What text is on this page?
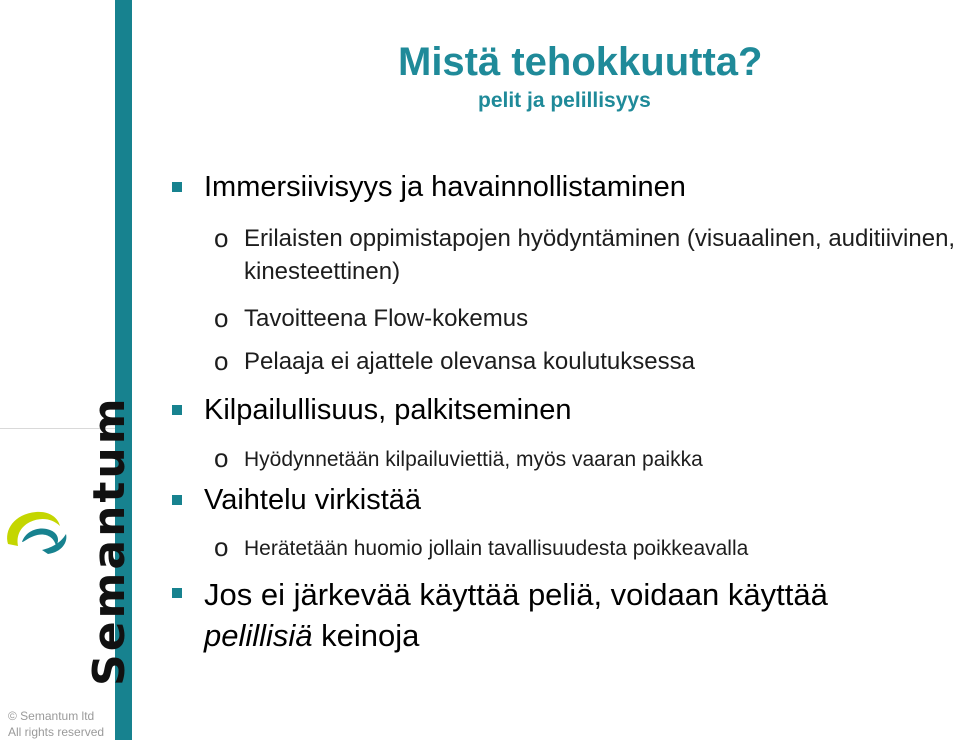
Semantum
© Semantum ltd
All rights reserved
Mistä tehokkuutta?
pelit ja pelillisyys
Immersiivisyys ja havainnollistaminen
o Erilaisten oppimistapojen hyödyntäminen (visuaalinen, auditiivinen, kinesteettinen)
o Tavoitteena Flow-kokemus
o Pelaaja ei ajattele olevansa koulutuksessa
Kilpailullisuus, palkitseminen
o Hyödynnetään kilpailuviettiä, myös vaaran paikka
Vaihtelu virkistää
o Herätetään huomio jollain tavallisuudesta poikkeavalla
Jos ei järkevää käyttää peliä, voidaan käyttää
pelillisiä keinoja
